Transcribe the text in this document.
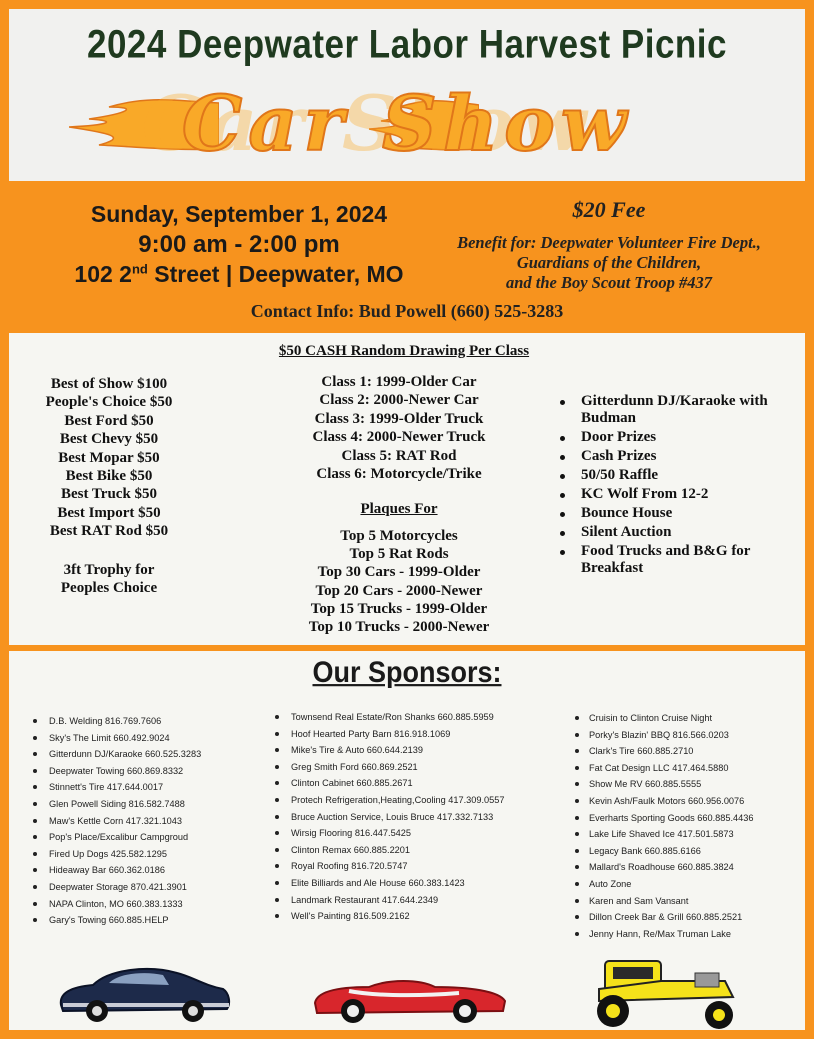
2024 Deepwater Labor Harvest Picnic
Car Show
Sunday, September 1, 2024
9:00 am - 2:00 pm
102 2nd Street | Deepwater, MO
$20 Fee
Benefit for: Deepwater Volunteer Fire Dept.,
Guardians of the Children,
and the Boy Scout Troop #437
Contact Info: Bud Powell (660) 525-3283
$50 CASH Random Drawing Per Class
Best of Show $100
People's Choice $50
Best Ford $50
Best Chevy $50
Best Mopar $50
Best Bike $50
Best Truck $50
Best Import $50
Best RAT Rod $50
3ft Trophy for
Peoples Choice
Class 1: 1999-Older Car
Class 2: 2000-Newer Car
Class 3: 1999-Older Truck
Class 4: 2000-Newer Truck
Class 5: RAT Rod
Class 6: Motorcycle/Trike
Plaques For
Top 5 Motorcycles
Top 5 Rat Rods
Top 30 Cars - 1999-Older
Top 20 Cars - 2000-Newer
Top 15 Trucks - 1999-Older
Top 10 Trucks - 2000-Newer
Gitterdunn DJ/Karaoke with Budman
Door Prizes
Cash Prizes
50/50 Raffle
KC Wolf From 12-2
Bounce House
Silent Auction
Food Trucks and B&G for Breakfast
Our Sponsors:
D.B. Welding 816.769.7606
Sky's The Limit 660.492.9024
Gitterdunn DJ/Karaoke 660.525.3283
Deepwater Towing 660.869.8332
Stinnett's Tire 417.644.0017
Glen Powell Siding 816.582.7488
Maw's Kettle Corn 417.321.1043
Pop's Place/Excalibur Campgroud
Fired Up Dogs 425.582.1295
Hideaway Bar 660.362.0186
Deepwater Storage 870.421.3901
NAPA Clinton, MO 660.383.1333
Gary's Towing 660.885.HELP
Townsend Real Estate/Ron Shanks 660.885.5959
Hoof Hearted Party Barn 816.918.1069
Mike's Tire & Auto 660.644.2139
Greg Smith Ford 660.869.2521
Clinton Cabinet 660.885.2671
Protech Refrigeration,Heating,Cooling 417.309.0557
Bruce Auction Service, Louis Bruce 417.332.7133
Wirsig Flooring 816.447.5425
Clinton Remax 660.885.2201
Royal Roofing 816.720.5747
Elite Billiards and Ale House 660.383.1423
Landmark Restaurant 417.644.2349
Well's Painting 816.509.2162
Cruisin to Clinton Cruise Night
Porky's Blazin' BBQ 816.566.0203
Clark's Tire 660.885.2710
Fat Cat Design LLC 417.464.5880
Show Me RV 660.885.5555
Kevin Ash/Faulk Motors 660.956.0076
Everharts Sporting Goods 660.885.4436
Lake Life Shaved Ice 417.501.5873
Legacy Bank 660.885.6166
Mallard's Roadhouse 660.885.3824
Auto Zone
Karen and Sam Vansant
Dillon Creek Bar & Grill 660.885.2521
Jenny Hann, Re/Max Truman Lake
